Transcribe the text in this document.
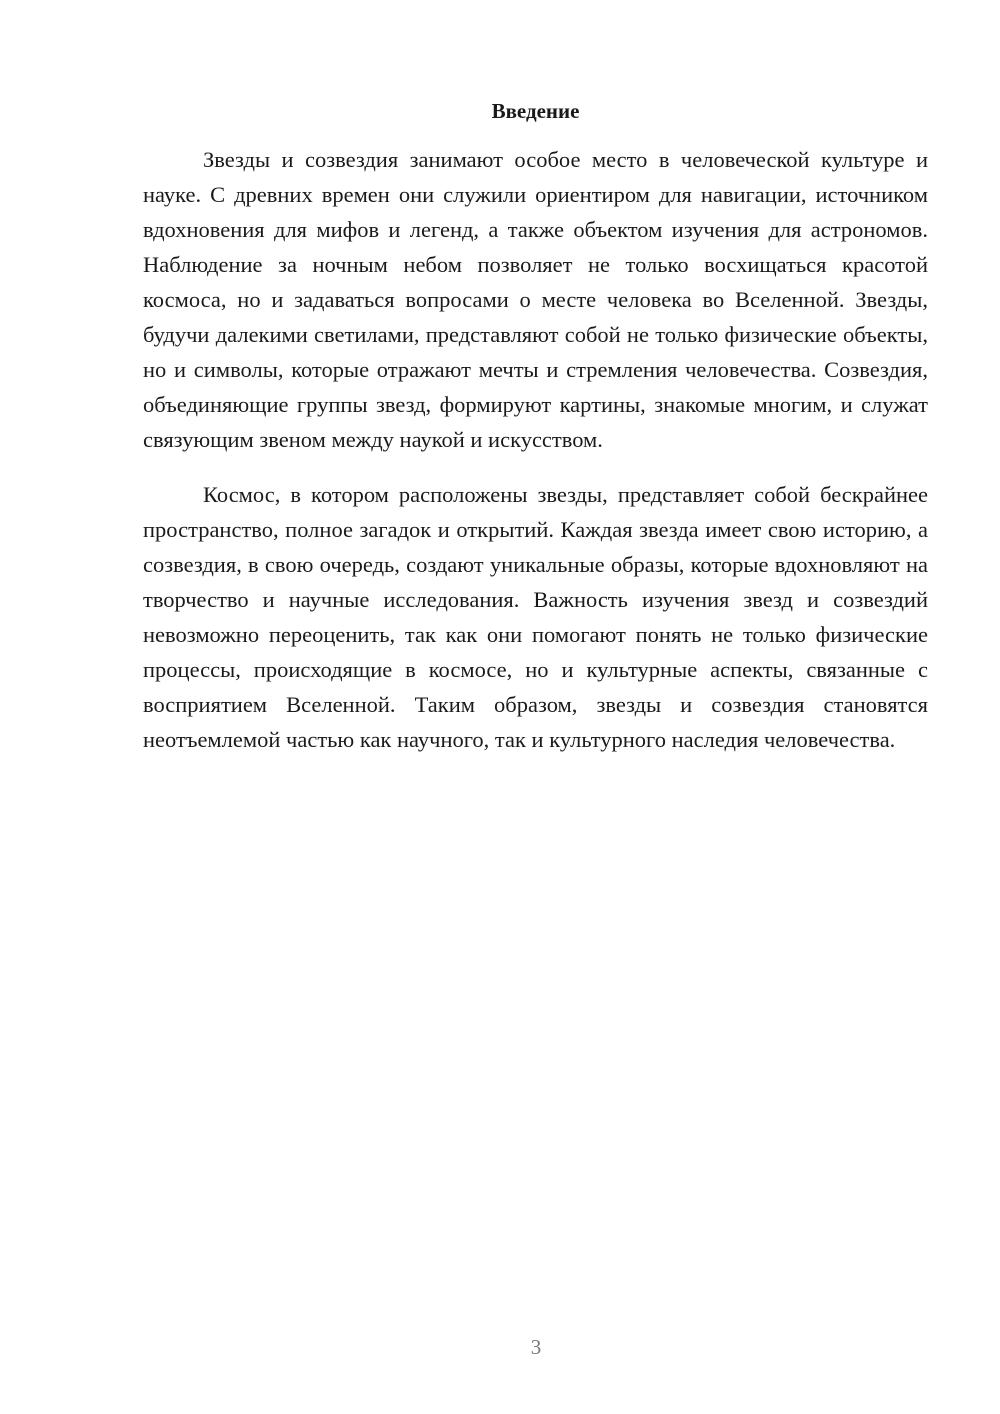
Введение

Звезды и созвездия занимают особое место в человеческой культуре и науке. С древних времен они служили ориентиром для навигации, источником вдохновения для мифов и легенд, а также объектом изучения для астрономов. Наблюдение за ночным небом позволяет не только восхищаться красотой космоса, но и задаваться вопросами о месте человека во Вселенной. Звезды, будучи далекими светилами, представляют собой не только физические объекты, но и символы, которые отражают мечты и стремления человечества. Созвездия, объединяющие группы звезд, формируют картины, знакомые многим, и служат связующим звеном между наукой и искусством.

Космос, в котором расположены звезды, представляет собой бескрайнее пространство, полное загадок и открытий. Каждая звезда имеет свою историю, а созвездия, в свою очередь, создают уникальные образы, которые вдохновляют на творчество и научные исследования. Важность изучения звезд и созвездий невозможно переоценить, так как они помогают понять не только физические процессы, происходящие в космосе, но и культурные аспекты, связанные с восприятием Вселенной. Таким образом, звезды и созвездия становятся неотъемлемой частью как научного, так и культурного наследия человечества.

3
